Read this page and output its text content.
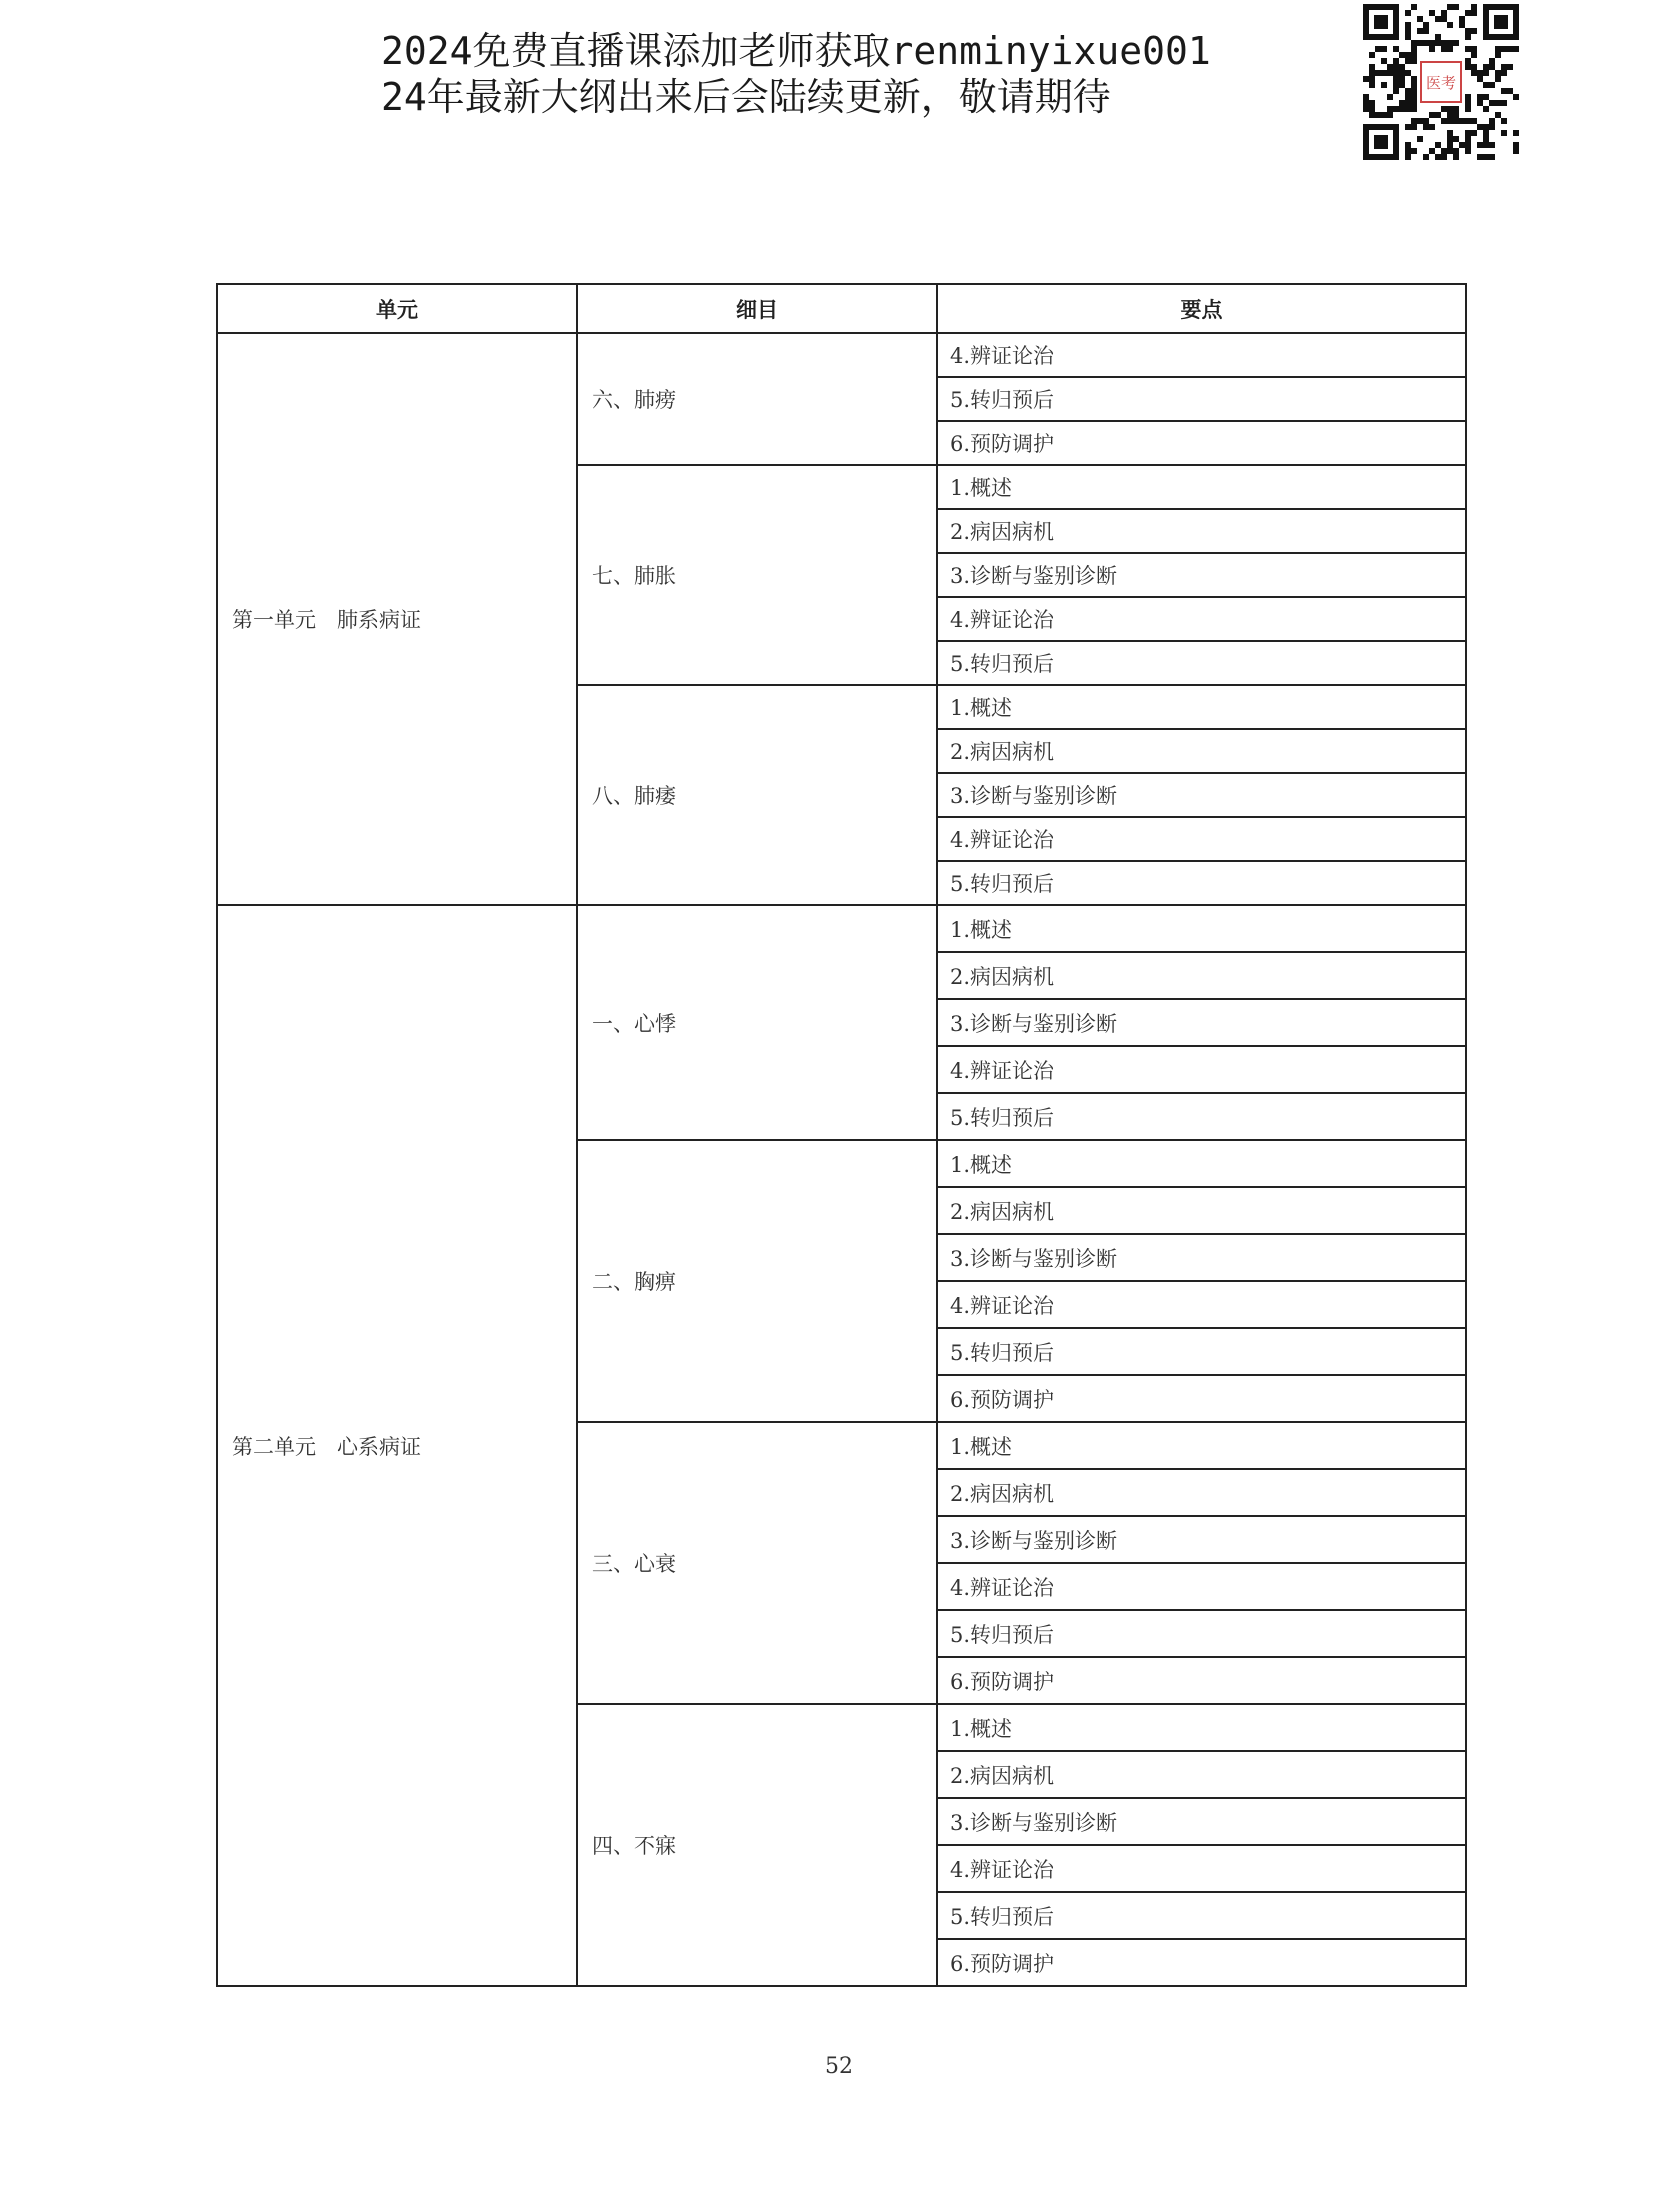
2024免费直播课添加老师获取renminyixue001
24年最新大纲出来后会陆续更新，敬请期待	医考
单元	细目	要点
第一单元　肺系病证	六、肺痨	4.辨证论治
		5.转归预后
		6.预防调护
	七、肺胀	1.概述
		2.病因病机
		3.诊断与鉴别诊断
		4.辨证论治
		5.转归预后
	八、肺痿	1.概述
		2.病因病机
		3.诊断与鉴别诊断
		4.辨证论治
		5.转归预后
第二单元　心系病证	一、心悸	1.概述
		2.病因病机
		3.诊断与鉴别诊断
		4.辨证论治
		5.转归预后
	二、胸痹	1.概述
		2.病因病机
		3.诊断与鉴别诊断
		4.辨证论治
		5.转归预后
		6.预防调护
	三、心衰	1.概述
		2.病因病机
		3.诊断与鉴别诊断
		4.辨证论治
		5.转归预后
		6.预防调护
	四、不寐	1.概述
		2.病因病机
		3.诊断与鉴别诊断
		4.辨证论治
		5.转归预后
		6.预防调护
52
